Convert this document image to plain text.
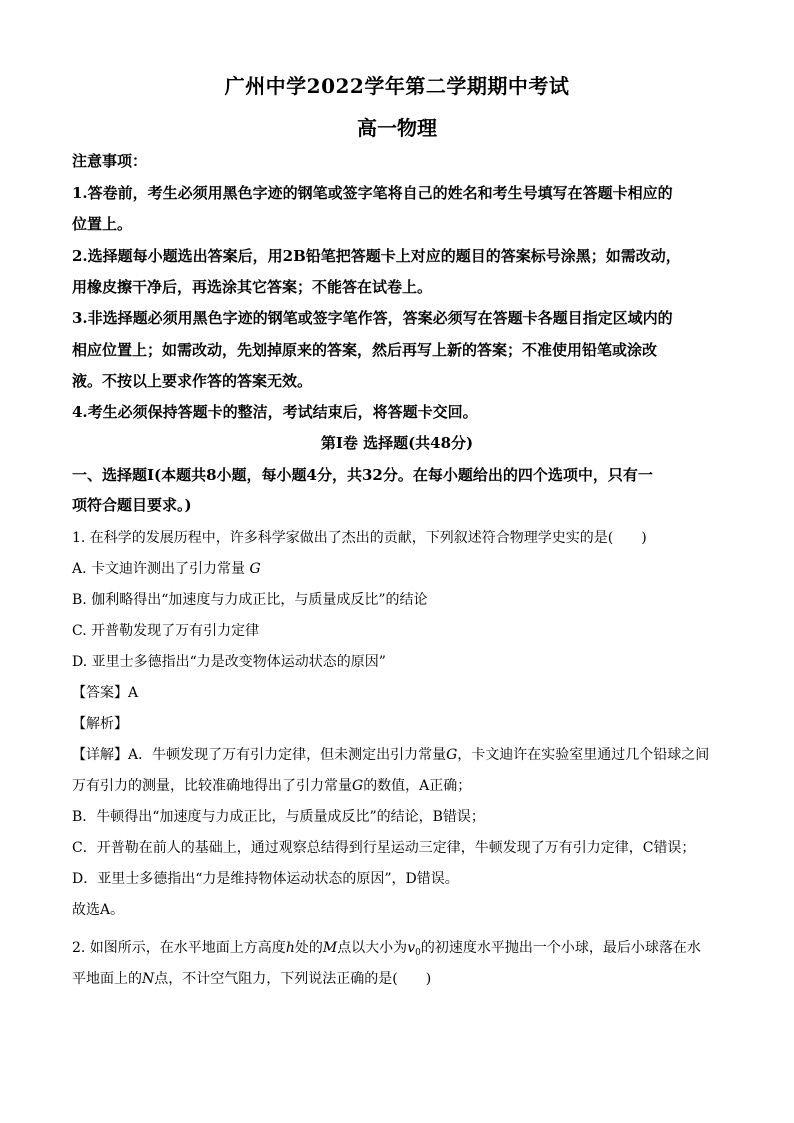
广州中学2022学年第二学期期中考试
高一物理
注意事项：
1.答卷前，考生必须用黑色字迹的钢笔或签字笔将自己的姓名和考生号填写在答题卡相应的
位置上。
2.选择题每小题选出答案后，用2B铅笔把答题卡上对应的题目的答案标号涂黑；如需改动，
用橡皮擦干净后，再选涂其它答案；不能答在试卷上。
3.非选择题必须用黑色字迹的钢笔或签字笔作答，答案必须写在答题卡各题目指定区域内的
相应位置上；如需改动，先划掉原来的答案，然后再写上新的答案；不准使用铅笔或涂改
液。不按以上要求作答的答案无效。
4.考生必须保持答题卡的整洁，考试结束后，将答题卡交回。
第Ⅰ卷 选择题(共48分)
一、选择题Ⅰ(本题共8小题，每小题4分，共32分。在每小题给出的四个选项中，只有一
项符合题目要求。)
1. 在科学的发展历程中，许多科学家做出了杰出的贡献，下列叙述符合物理学史实的是(　　)
A. 卡文迪许测出了引力常量 G
B. 伽利略得出“加速度与力成正比，与质量成反比”的结论
C. 开普勒发现了万有引力定律
D. 亚里士多德指出“力是改变物体运动状态的原因”
【答案】A
【解析】
【详解】A．牛顿发现了万有引力定律，但未测定出引力常量G，卡文迪许在实验室里通过几个铅球之间
万有引力的测量，比较准确地得出了引力常量G的数值，A正确；
B．牛顿得出“加速度与力成正比，与质量成反比”的结论，B错误；
C．开普勒在前人的基础上，通过观察总结得到行星运动三定律，牛顿发现了万有引力定律，C错误；
D．亚里士多德指出“力是维持物体运动状态的原因”，D错误。
故选A。
2. 如图所示，在水平地面上方高度h处的M点以大小为$v_0$的初速度水平抛出一个小球，最后小球落在水
平地面上的N点，不计空气阻力，下列说法正确的是(　　)
